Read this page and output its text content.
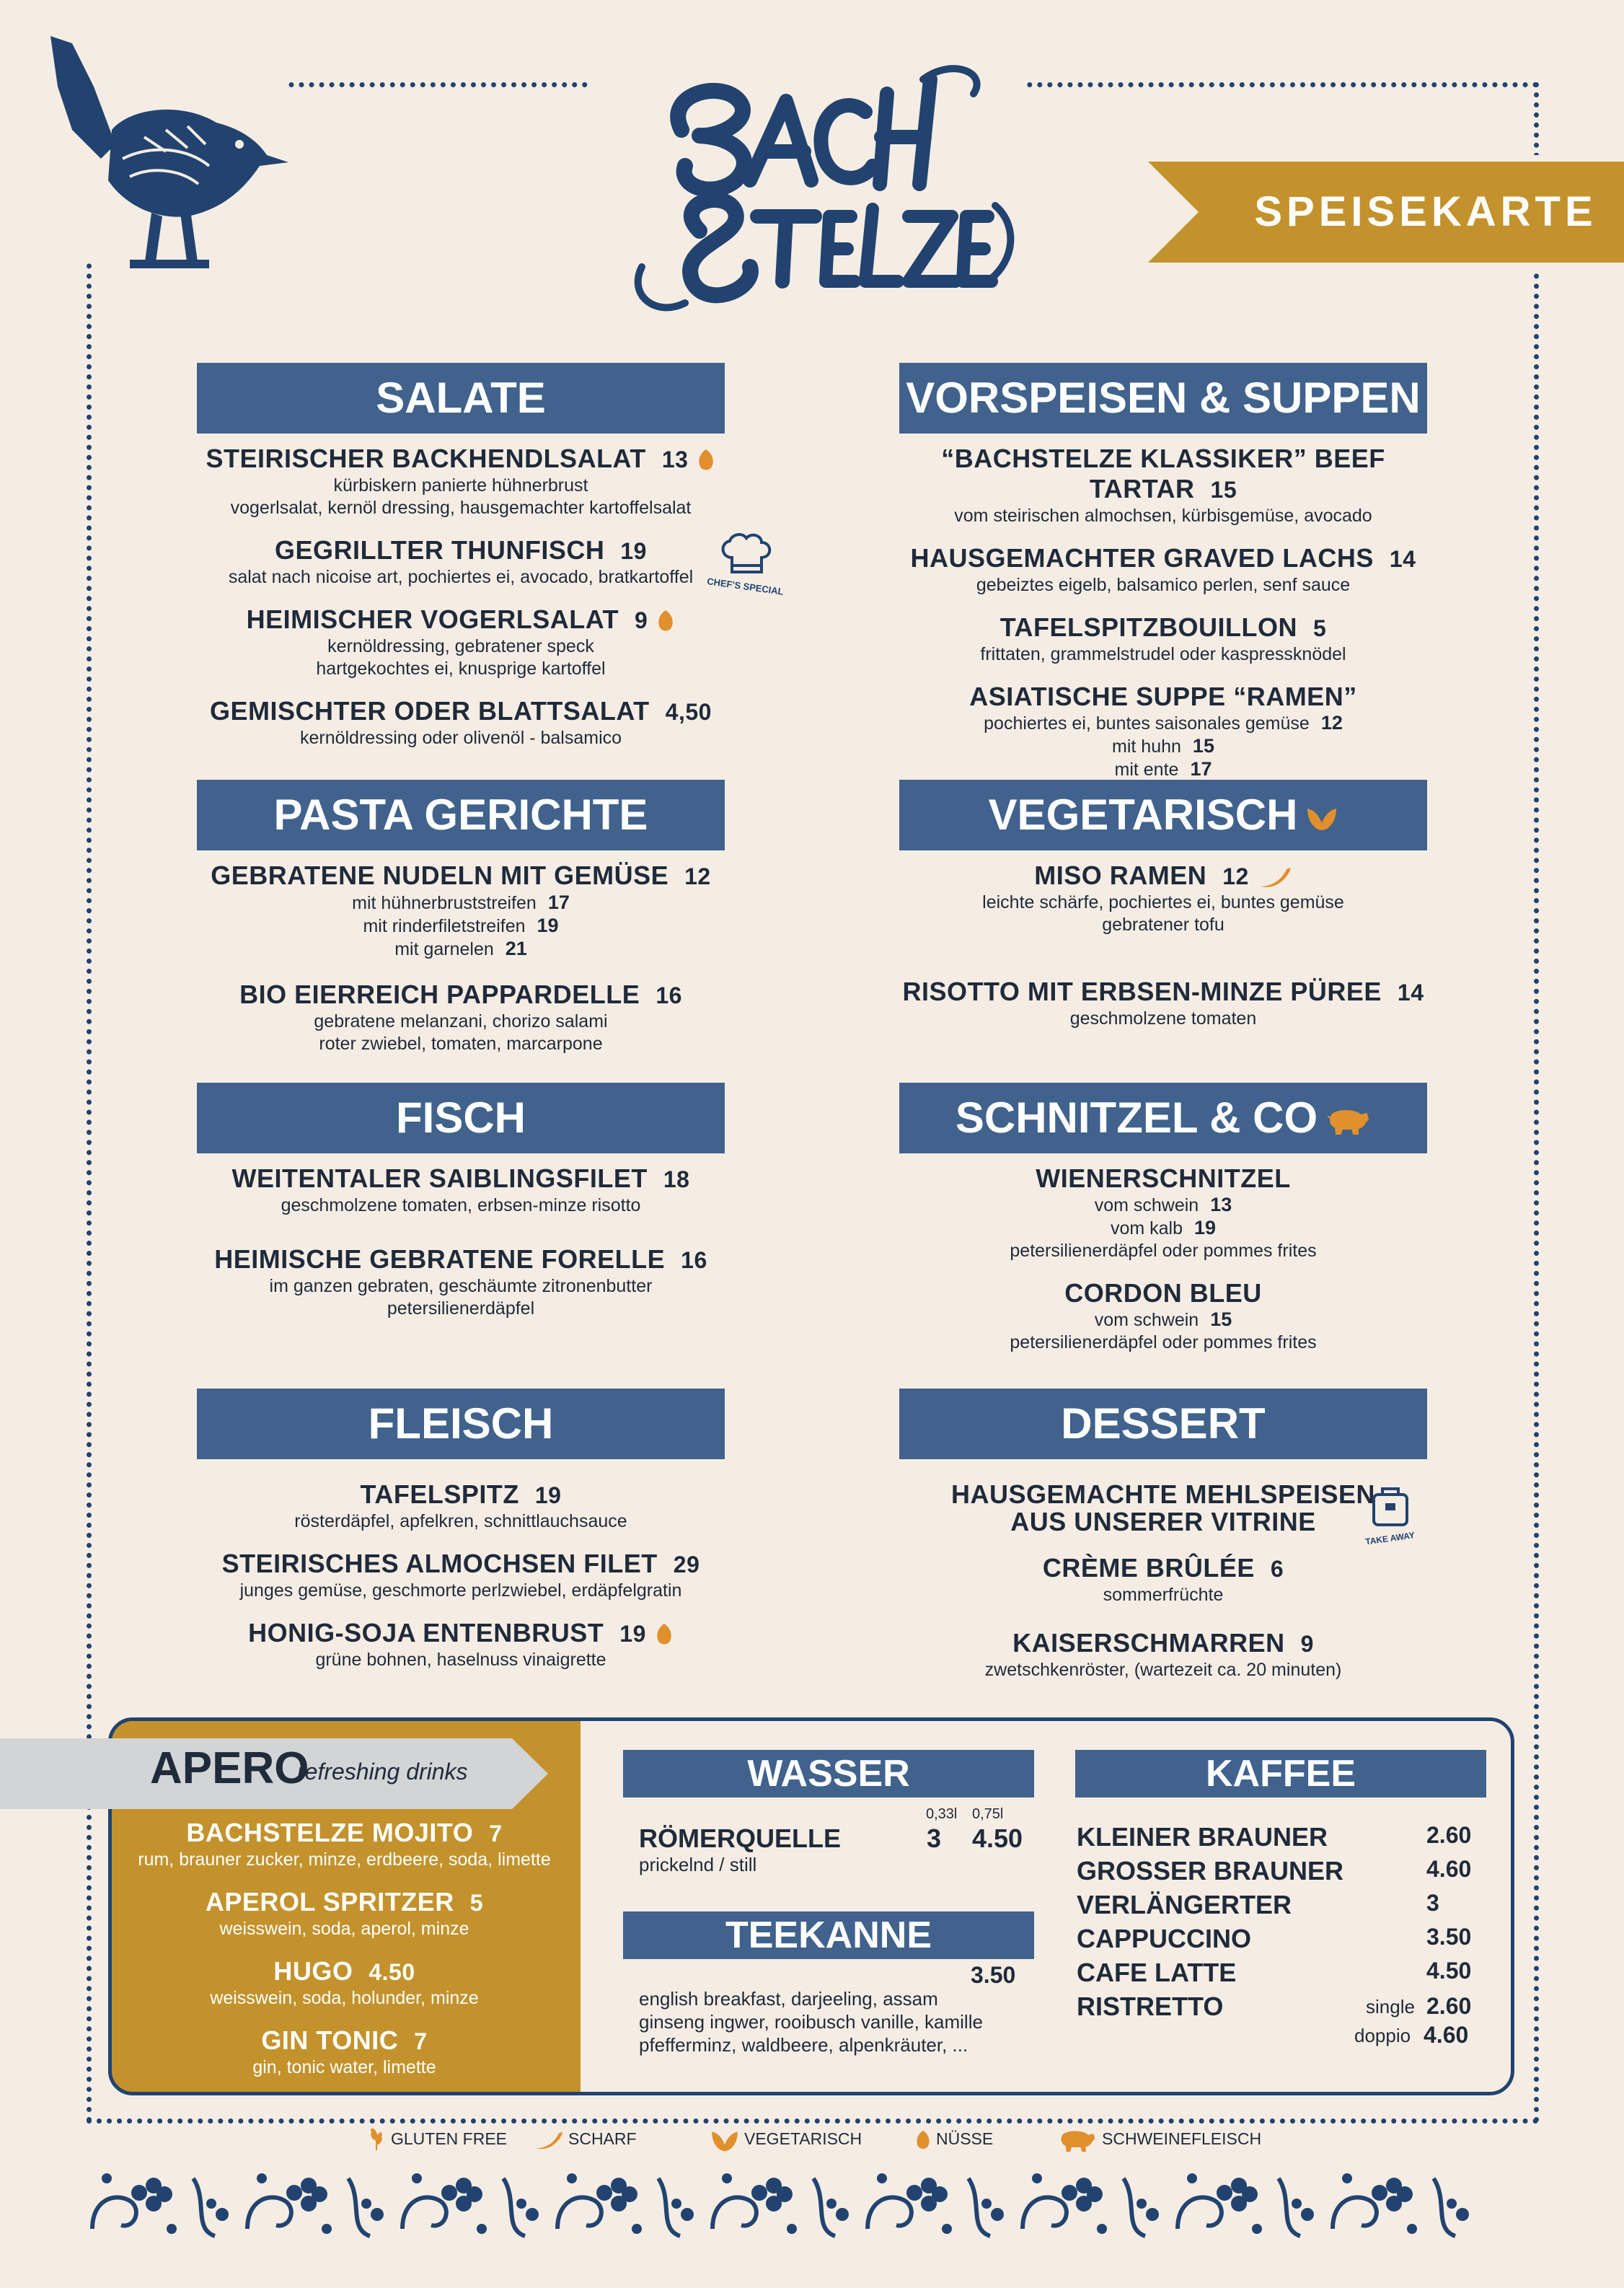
SPEISEKARTE
SALATE
STEIRISCHER BACKHENDLSALAT 13
kürbiskern panierte hühnerbrust
vogerlsalat, kernöl dressing, hausgemachter kartoffelsalat
GEGRILLTER THUNFISCH 19
salat nach nicoise art, pochiertes ei, avocado, bratkartoffel
HEIMISCHER VOGERLSALAT 9
kernöldressing, gebratener speck
hartgekochtes ei, knusprige kartoffel
GEMISCHTER ODER BLATTSALAT 4,50
kernöldressing oder olivenöl - balsamico
CHEF'S SPECIAL
VORSPEISEN & SUPPEN
“BACHSTELZE KLASSIKER” BEEF TARTAR 15
vom steirischen almochsen, kürbisgemüse, avocado
HAUSGEMACHTER GRAVED LACHS 14
gebeiztes eigelb, balsamico perlen, senf sauce
TAFELSPITZBOUILLON 5
frittaten, grammelstrudel oder kaspressknödel
ASIATISCHE SUPPE “RAMEN”
pochiertes ei, buntes saisonales gemüse 12
mit huhn 15
mit ente 17
PASTA GERICHTE
GEBRATENE NUDELN MIT GEMÜSE 12
mit hühnerbruststreifen 17
mit rinderfiletstreifen 19
mit garnelen 21
BIO EIERREICH PAPPARDELLE 16
gebratene melanzani, chorizo salami
roter zwiebel, tomaten, marcarpone
VEGETARISCH
MISO RAMEN 12
leichte schärfe, pochiertes ei, buntes gemüse
gebratener tofu
RISOTTO MIT ERBSEN-MINZE PÜREE 14
geschmolzene tomaten
FISCH
WEITENTALER SAIBLINGSFILET 18
geschmolzene tomaten, erbsen-minze risotto
HEIMISCHE GEBRATENE FORELLE 16
im ganzen gebraten, geschäumte zitronenbutter
petersilienerdäpfel
SCHNITZEL & CO
WIENERSCHNITZEL
vom schwein 13
vom kalb 19
petersilienerdäpfel oder pommes frites
CORDON BLEU
vom schwein 15
petersilienerdäpfel oder pommes frites
FLEISCH
TAFELSPITZ 19
rösterdäpfel, apfelkren, schnittlauchsauce
STEIRISCHES ALMOCHSEN FILET 29
junges gemüse, geschmorte perlzwiebel, erdäpfelgratin
HONIG-SOJA ENTENBRUST 19
grüne bohnen, haselnuss vinaigrette
DESSERT
HAUSGEMACHTE MEHLSPEISEN
AUS UNSERER VITRINE
CRÈME BRÛLÉE 6
sommerfrüchte
KAISERSCHMARREN 9
zwetschkenröster, (wartezeit ca. 20 minuten)
TAKE AWAY
APERO
refreshing drinks
BACHSTELZE MOJITO 7
rum, brauner zucker, minze, erdbeere, soda, limette
APEROL SPRITZER 5
weisswein, soda, aperol, minze
HUGO 4.50
weisswein, soda, holunder, minze
GIN TONIC 7
gin, tonic water, limette
WASSER
0,33l 0,75l
RÖMERQUELLE	3 4.50
prickelnd / still
TEEKANNE
3.50
english breakfast, darjeeling, assam
ginseng ingwer, rooibusch vanille, kamille
pfefferminz, waldbeere, alpenkräuter, ...
KAFFEE
KLEINER BRAUNER	2.60
GROSSER BRAUNER	4.60
VERLÄNGERTER	3
CAPPUCCINO	3.50
CAFE LATTE	4.50
RISTRETTO	single 2.60
doppio 4.60
GLUTEN FREE	SCHARF	VEGETARISCH	NÜSSE	SCHWEINEFLEISCH
